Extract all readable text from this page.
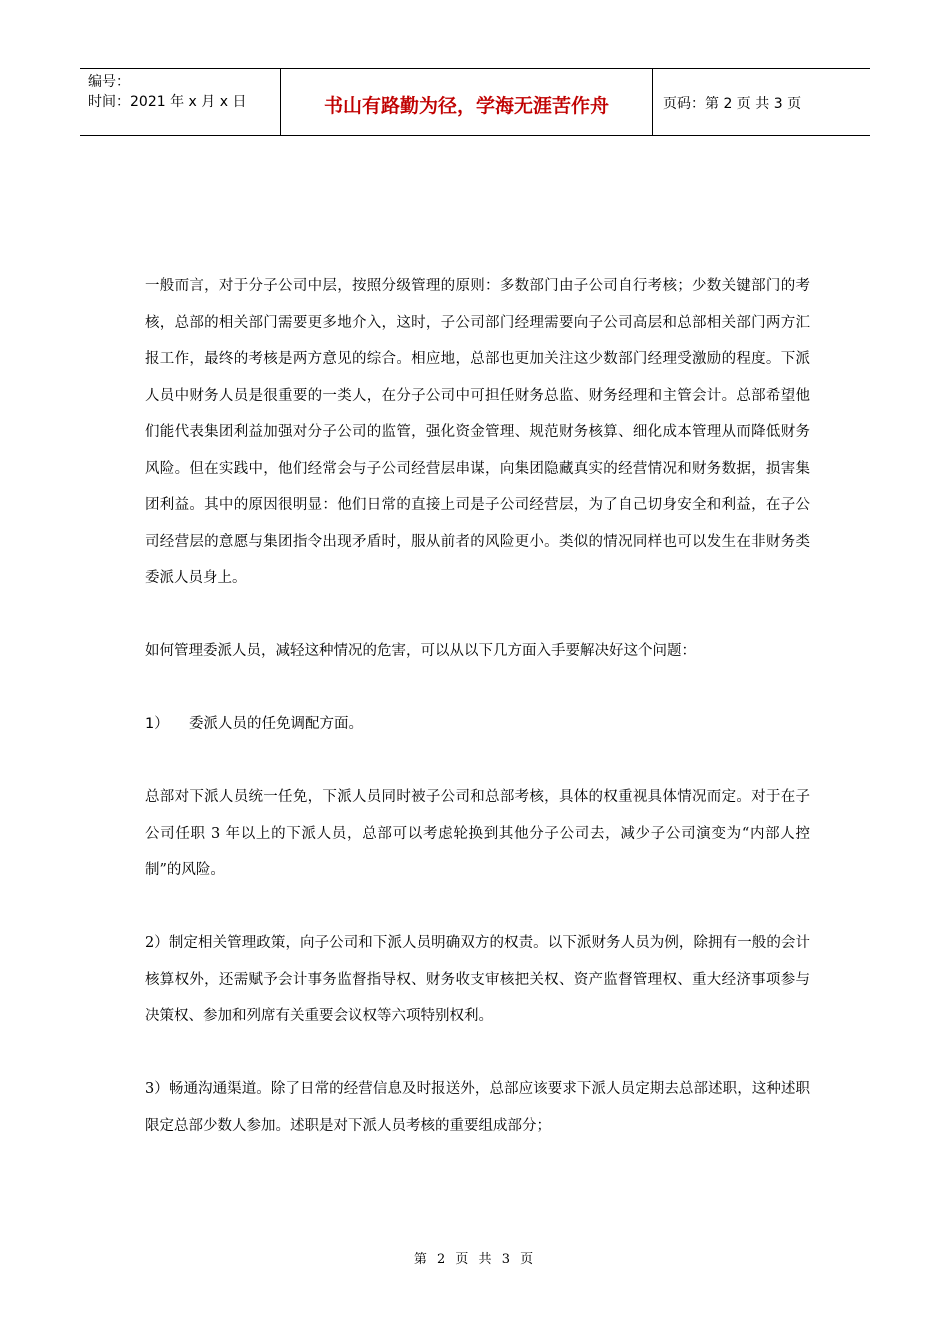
编号：
时间：2021 年 x 月 x 日	书山有路勤为径，学海无涯苦作舟	页码：第 2 页 共 3 页

一般而言，对于分子公司中层，按照分级管理的原则：多数部门由子公司自行考核；少数关键部门的考核，总部的相关部门需要更多地介入，这时，子公司部门经理需要向子公司高层和总部相关部门两方汇报工作，最终的考核是两方意见的综合。相应地，总部也更加关注这少数部门经理受激励的程度。下派人员中财务人员是很重要的一类人，在分子公司中可担任财务总监、财务经理和主管会计。总部希望他们能代表集团利益加强对分子公司的监管，强化资金管理、规范财务核算、细化成本管理从而降低财务风险。但在实践中，他们经常会与子公司经营层串谋，向集团隐藏真实的经营情况和财务数据，损害集团利益。其中的原因很明显：他们日常的直接上司是子公司经营层，为了自己切身安全和利益，在子公司经营层的意愿与集团指令出现矛盾时，服从前者的风险更小。类似的情况同样也可以发生在非财务类委派人员身上。

如何管理委派人员，减轻这种情况的危害，可以从以下几方面入手要解决好这个问题：

1） 委派人员的任免调配方面。

总部对下派人员统一任免，下派人员同时被子公司和总部考核，具体的权重视具体情况而定。对于在子公司任职 3 年以上的下派人员，总部可以考虑轮换到其他分子公司去，减少子公司演变为“内部人控制”的风险。

2）制定相关管理政策，向子公司和下派人员明确双方的权责。以下派财务人员为例，除拥有一般的会计核算权外，还需赋予会计事务监督指导权、财务收支审核把关权、资产监督管理权、重大经济事项参与决策权、参加和列席有关重要会议权等六项特别权利。

3）畅通沟通渠道。除了日常的经营信息及时报送外，总部应该要求下派人员定期去总部述职，这种述职限定总部少数人参加。述职是对下派人员考核的重要组成部分；

第 2 页 共 3 页
